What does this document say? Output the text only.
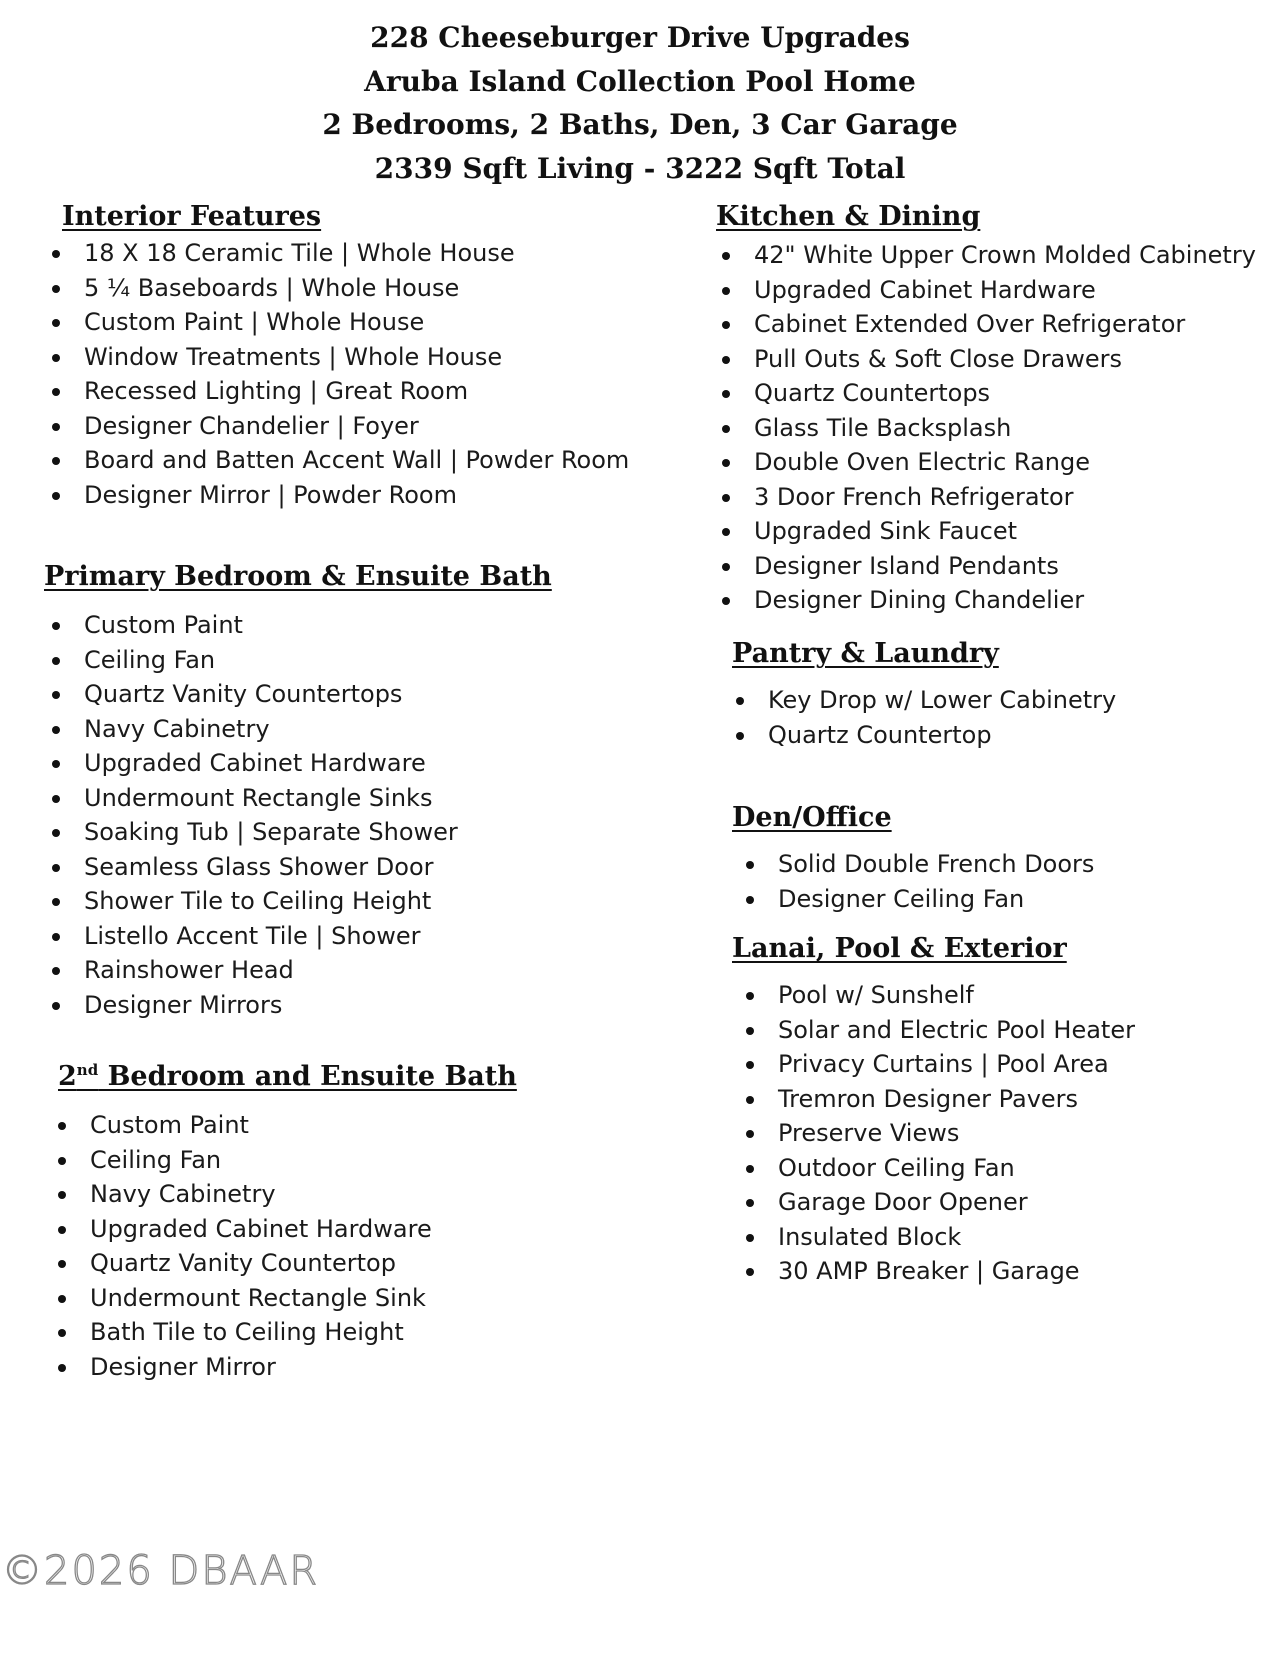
228 Cheeseburger Drive Upgrades
Aruba Island Collection Pool Home
2 Bedrooms, 2 Baths, Den, 3 Car Garage
2339 Sqft Living - 3222 Sqft Total
Interior Features
18 X 18 Ceramic Tile | Whole House
5 ¼ Baseboards | Whole House
Custom Paint | Whole House
Window Treatments | Whole House
Recessed Lighting | Great Room
Designer Chandelier | Foyer
Board and Batten Accent Wall | Powder Room
Designer Mirror | Powder Room
Primary Bedroom & Ensuite Bath
Custom Paint
Ceiling Fan
Quartz Vanity Countertops
Navy Cabinetry
Upgraded Cabinet Hardware
Undermount Rectangle Sinks
Soaking Tub | Separate Shower
Seamless Glass Shower Door
Shower Tile to Ceiling Height
Listello Accent Tile | Shower
Rainshower Head
Designer Mirrors
2nd Bedroom and Ensuite Bath
Custom Paint
Ceiling Fan
Navy Cabinetry
Upgraded Cabinet Hardware
Quartz Vanity Countertop
Undermount Rectangle Sink
Bath Tile to Ceiling Height
Designer Mirror
Kitchen & Dining
42" White Upper Crown Molded Cabinetry
Upgraded Cabinet Hardware
Cabinet Extended Over Refrigerator
Pull Outs & Soft Close Drawers
Quartz Countertops
Glass Tile Backsplash
Double Oven Electric Range
3 Door French Refrigerator
Upgraded Sink Faucet
Designer Island Pendants
Designer Dining Chandelier
Pantry & Laundry
Key Drop w/ Lower Cabinetry
Quartz Countertop
Den/Office
Solid Double French Doors
Designer Ceiling Fan
Lanai, Pool & Exterior
Pool w/ Sunshelf
Solar and Electric Pool Heater
Privacy Curtains | Pool Area
Tremron Designer Pavers
Preserve Views
Outdoor Ceiling Fan
Garage Door Opener
Insulated Block
30 AMP Breaker | Garage
©2026 DBAAR
